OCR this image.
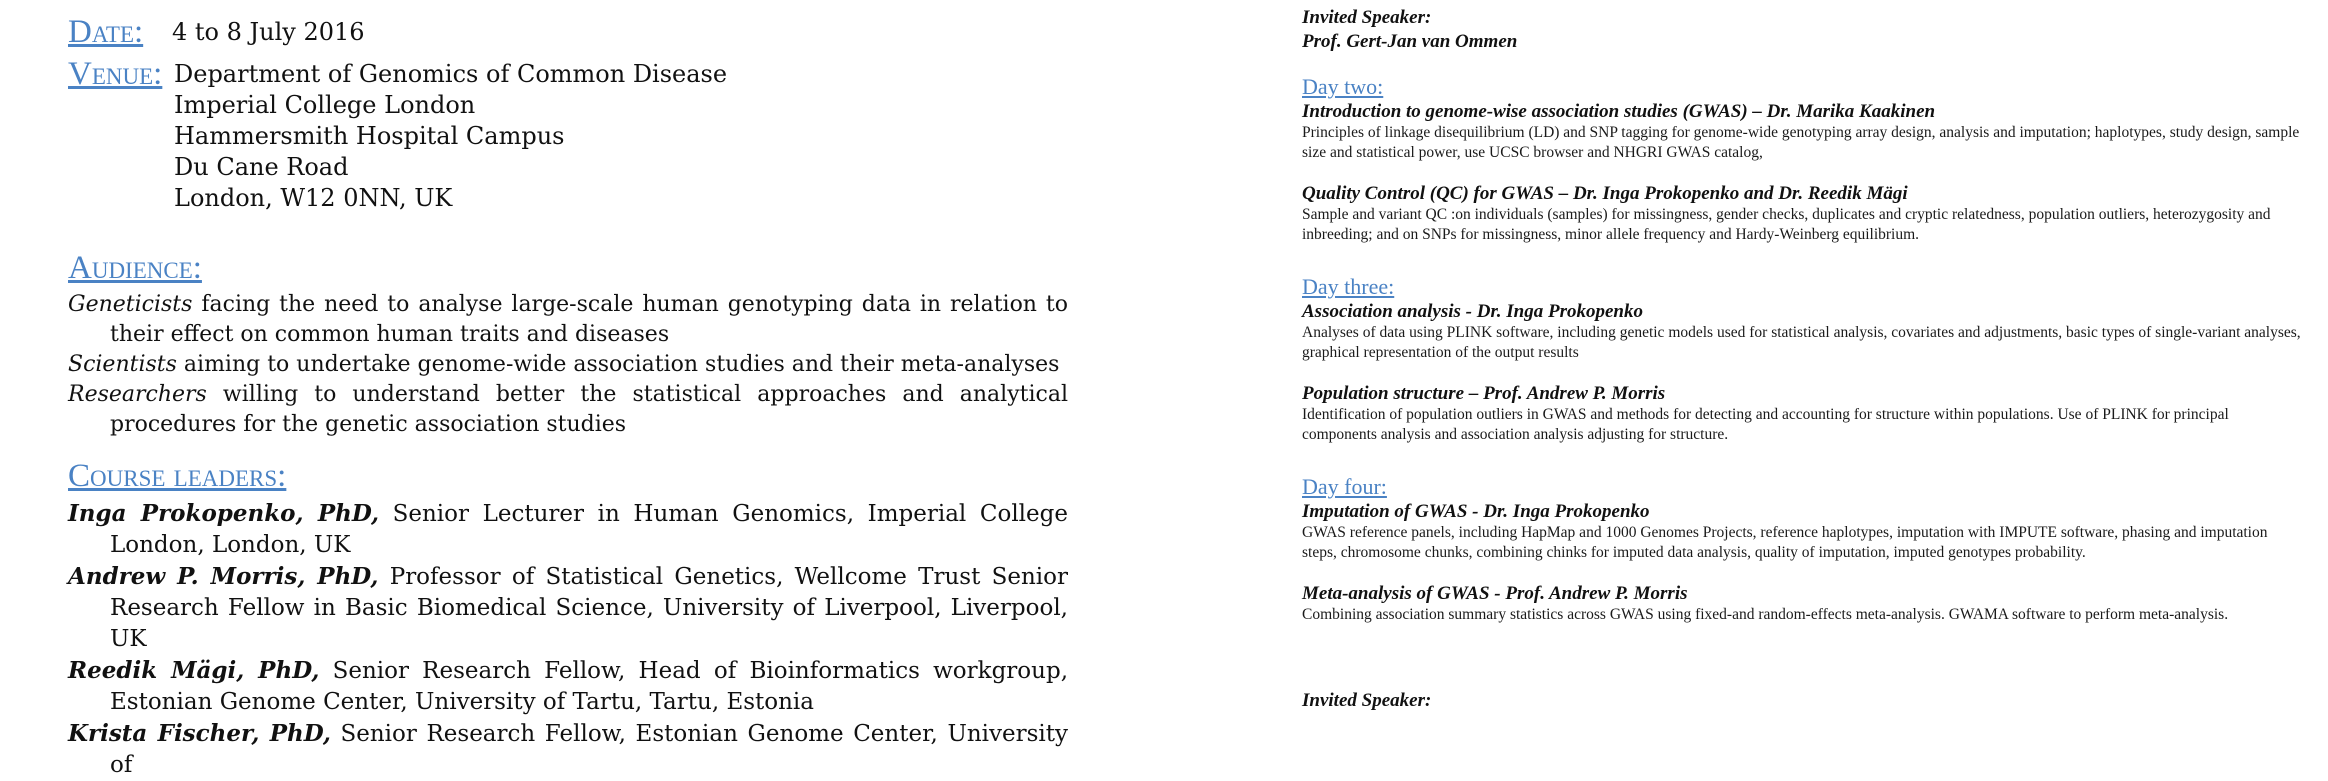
Date: 4 to 8 July 2016
Venue: Department of Genomics of Common Disease
Imperial College London
Hammersmith Hospital Campus
Du Cane Road
London, W12 0NN, UK
Audience:
Geneticists facing the need to analyse large-scale human genotyping data in relation to their effect on common human traits and diseases
Scientists aiming to undertake genome-wide association studies and their meta-analyses
Researchers willing to understand better the statistical approaches and analytical procedures for the genetic association studies
Course leaders:
Inga Prokopenko, PhD, Senior Lecturer in Human Genomics, Imperial College London, London, UK
Andrew P. Morris, PhD, Professor of Statistical Genetics, Wellcome Trust Senior Research Fellow in Basic Biomedical Science, University of Liverpool, Liverpool, UK
Reedik Mägi, PhD, Senior Research Fellow, Head of Bioinformatics workgroup, Estonian Genome Center, University of Tartu, Tartu, Estonia
Krista Fischer, PhD, Senior Research Fellow, Estonian Genome Center, University of
Invited Speaker:
Prof. Gert-Jan van Ommen
Day two:
Introduction to genome-wise association studies (GWAS) – Dr. Marika Kaakinen
Principles of linkage disequilibrium (LD) and SNP tagging for genome-wide genotyping array design, analysis and imputation; haplotypes, study design, sample size and statistical power, use UCSC browser and NHGRI GWAS catalog,
Quality Control (QC) for GWAS – Dr. Inga Prokopenko and Dr. Reedik Mägi
Sample and variant QC :on individuals (samples) for missingness, gender checks, duplicates and cryptic relatedness, population outliers, heterozygosity and inbreeding; and on SNPs for missingness, minor allele frequency and Hardy-Weinberg equilibrium.
Day three:
Association analysis - Dr. Inga Prokopenko
Analyses of data using PLINK software, including genetic models used for statistical analysis, covariates and adjustments, basic types of single-variant analyses, graphical representation of the output results
Population structure – Prof. Andrew P. Morris
Identification of population outliers in GWAS and methods for detecting and accounting for structure within populations. Use of PLINK for principal components analysis and association analysis adjusting for structure.
Day four:
Imputation of GWAS - Dr. Inga Prokopenko
GWAS reference panels, including HapMap and 1000 Genomes Projects, reference haplotypes, imputation with IMPUTE software, phasing and imputation steps, chromosome chunks, combining chinks for imputed data analysis, quality of imputation, imputed genotypes probability.
Meta-analysis of GWAS - Prof. Andrew P. Morris
Combining association summary statistics across GWAS using fixed-and random-effects meta-analysis. GWAMA software to perform meta-analysis.
Invited Speaker:
